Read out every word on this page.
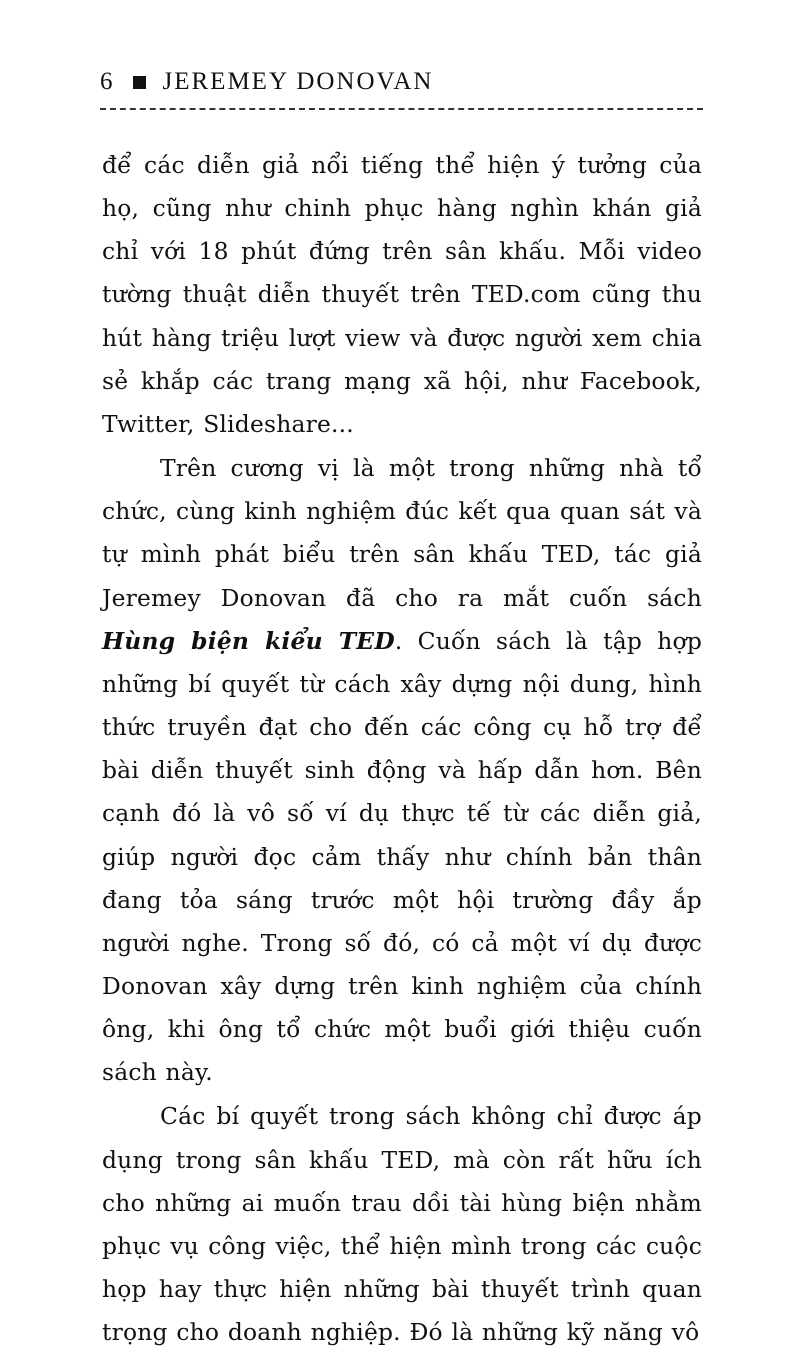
6 JEREMEY DONOVAN

để các diễn giả nổi tiếng thể hiện ý tưởng của họ, cũng như chinh phục hàng nghìn khán giả chỉ với 18 phút đứng trên sân khấu. Mỗi video tường thuật diễn thuyết trên TED.com cũng thu hút hàng triệu lượt view và được người xem chia sẻ khắp các trang mạng xã hội, như Facebook, Twitter, Slideshare...

Trên cương vị là một trong những nhà tổ chức, cùng kinh nghiệm đúc kết qua quan sát và tự mình phát biểu trên sân khấu TED, tác giả Jeremey Donovan đã cho ra mắt cuốn sách Hùng biện kiểu TED. Cuốn sách là tập hợp những bí quyết từ cách xây dựng nội dung, hình thức truyền đạt cho đến các công cụ hỗ trợ để bài diễn thuyết sinh động và hấp dẫn hơn. Bên cạnh đó là vô số ví dụ thực tế từ các diễn giả, giúp người đọc cảm thấy như chính bản thân đang tỏa sáng trước một hội trường đầy ắp người nghe. Trong số đó, có cả một ví dụ được Donovan xây dựng trên kinh nghiệm của chính ông, khi ông tổ chức một buổi giới thiệu cuốn sách này.

Các bí quyết trong sách không chỉ được áp dụng trong sân khấu TED, mà còn rất hữu ích cho những ai muốn trau dồi tài hùng biện nhằm phục vụ công việc, thể hiện mình trong các cuộc họp hay thực hiện những bài thuyết trình quan trọng cho doanh nghiệp. Đó là những kỹ năng vô
